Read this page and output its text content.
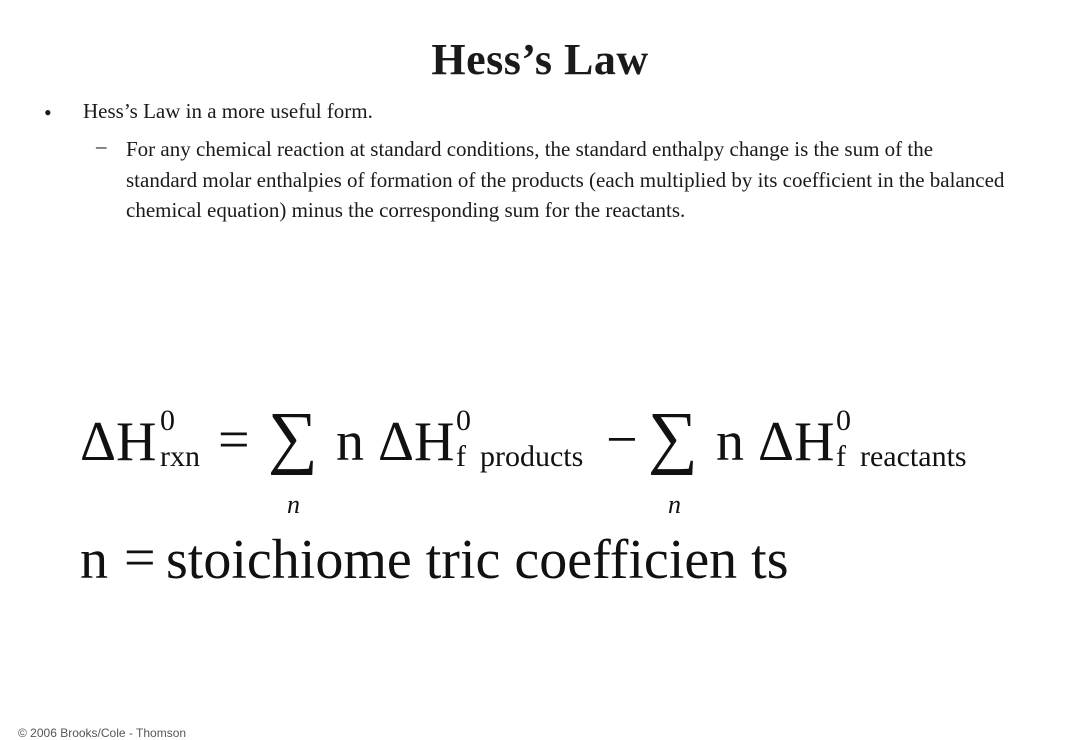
Hess’s Law
• Hess’s Law in a more useful form.
– For any chemical reaction at standard conditions, the standard enthalpy change is the sum of the standard molar enthalpies of formation of the products (each multiplied by its coefficient in the balanced chemical equation) minus the corresponding sum for the reactants.
ΔH 0
rxn = ∑
n
n ΔH 0
f products − ∑
n
n ΔH 0
f reactants
n = stoichiome tric coefficien ts
© 2006 Brooks/Cole - Thomson
